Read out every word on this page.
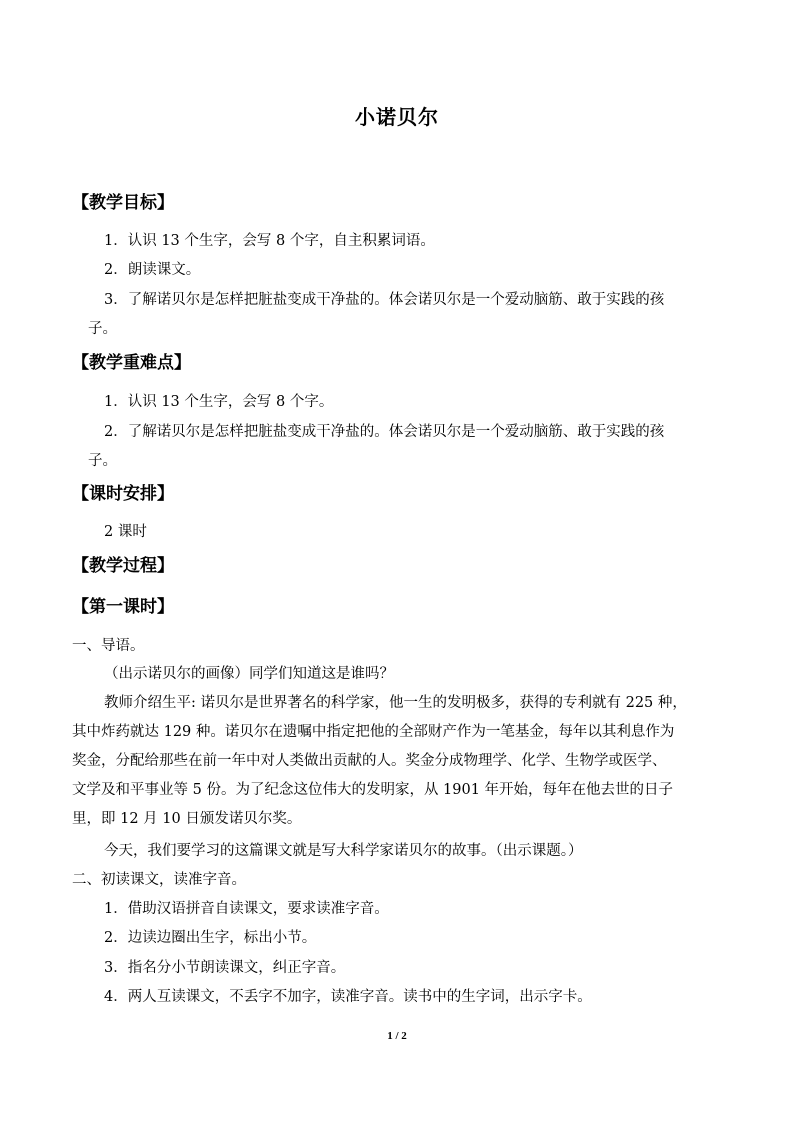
小诺贝尔
【教学目标】
1．认识 13 个生字，会写 8 个字，自主积累词语。
2．朗读课文。
3．了解诺贝尔是怎样把脏盐变成干净盐的。体会诺贝尔是一个爱动脑筋、敢于实践的孩
子。
【教学重难点】
1．认识 13 个生字，会写 8 个字。
2．了解诺贝尔是怎样把脏盐变成干净盐的。体会诺贝尔是一个爱动脑筋、敢于实践的孩
子。
【课时安排】
2 课时
【教学过程】
【第一课时】
一、导语。
（出示诺贝尔的画像）同学们知道这是谁吗？
教师介绍生平: 诺贝尔是世界著名的科学家，他一生的发明极多，获得的专利就有 225 种，
其中炸药就达 129 种。诺贝尔在遗嘱中指定把他的全部财产作为一笔基金，每年以其利息作为
奖金，分配给那些在前一年中对人类做出贡献的人。奖金分成物理学、化学、生物学或医学、
文学及和平事业等 5 份。为了纪念这位伟大的发明家，从 1901 年开始，每年在他去世的日子
里，即 12 月 10 日颁发诺贝尔奖。
今天，我们要学习的这篇课文就是写大科学家诺贝尔的故事。（出示课题。）
二、初读课文，读准字音。
1．借助汉语拼音自读课文，要求读准字音。
2．边读边圈出生字，标出小节。
3．指名分小节朗读课文，纠正字音。
4．两人互读课文，不丢字不加字，读准字音。读书中的生字词，出示字卡。
1 / 2
